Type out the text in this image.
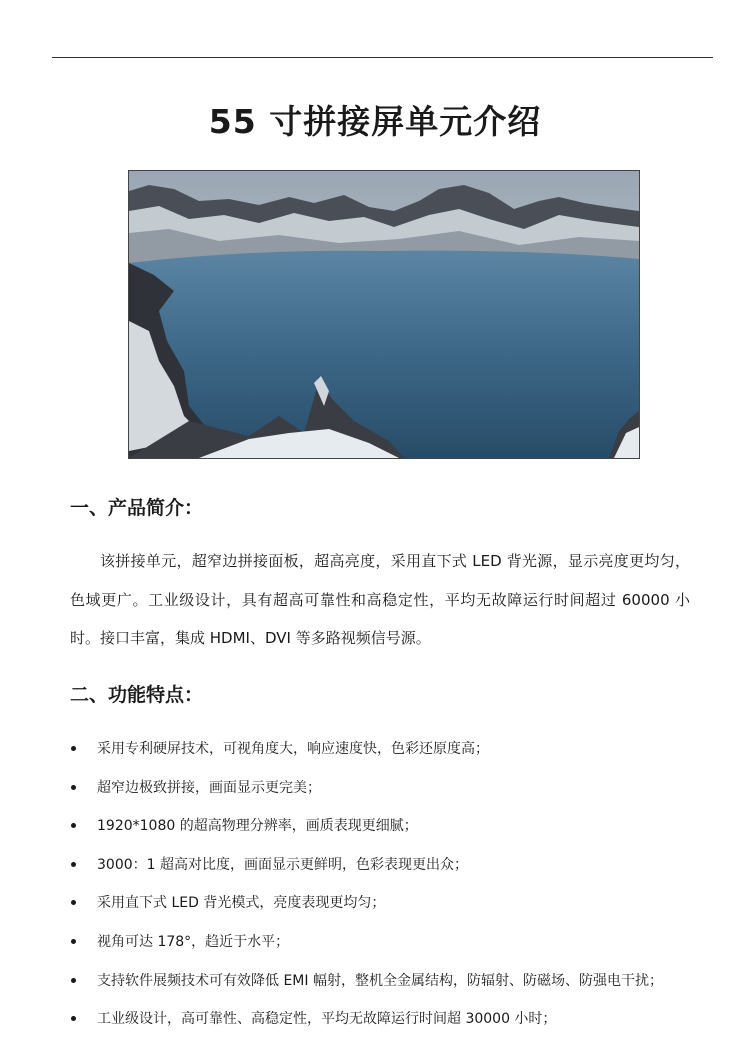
55 寸拼接屏单元介绍
一、产品简介：
该拼接单元，超窄边拼接面板，超高亮度，采用直下式 LED 背光源，显示亮度更均匀，色域更广。工业级设计，具有超高可靠性和高稳定性，平均无故障运行时间超过 60000 小时。接口丰富，集成 HDMI、DVI 等多路视频信号源。
二、功能特点：
采用专利硬屏技术，可视角度大，响应速度快，色彩还原度高；
超窄边极致拼接，画面显示更完美；
1920*1080 的超高物理分辨率，画质表现更细腻；
3000：1 超高对比度，画面显示更鲜明，色彩表现更出众；
采用直下式 LED 背光模式，亮度表现更均匀；
视角可达 178°，趋近于水平；
支持软件展频技术可有效降低 EMI 幅射，整机全金属结构，防辐射、防磁场、防强电干扰；
工业级设计，高可靠性、高稳定性，平均无故障运行时间超 30000 小时；
